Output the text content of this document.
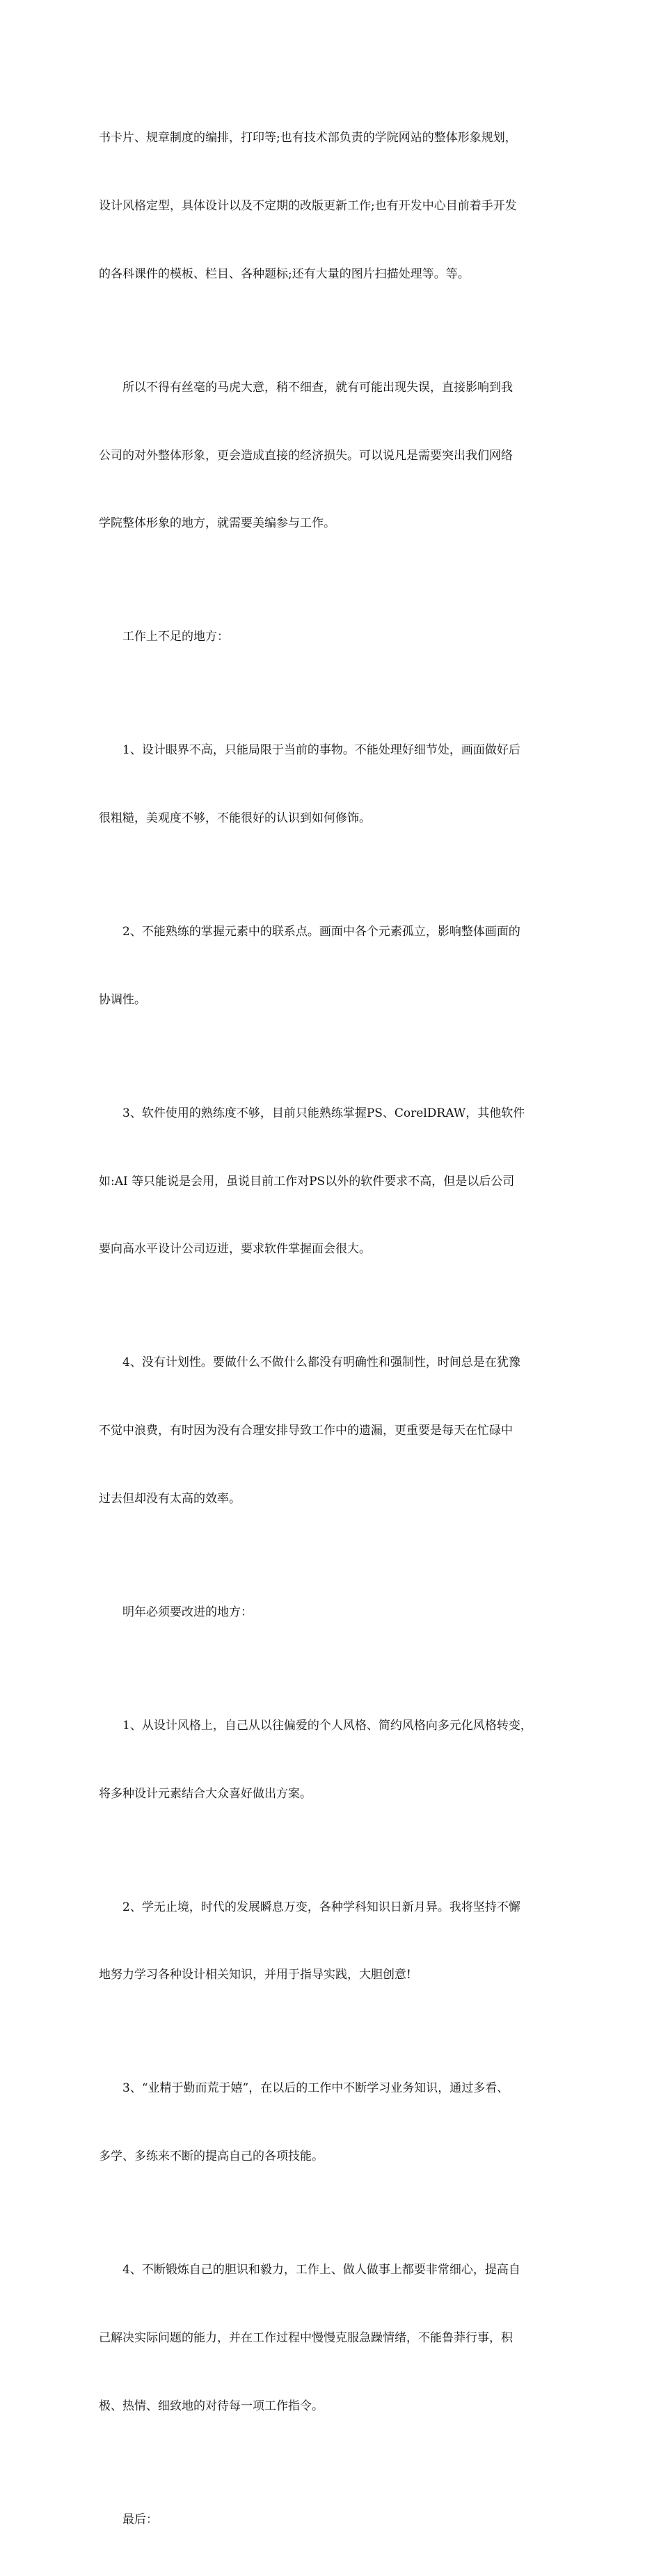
书卡片、规章制度的编排，打印等;也有技术部负责的学院网站的整体形象规划，

设计风格定型，具体设计以及不定期的改版更新工作;也有开发中心目前着手开发

的各科课件的模板、栏目、各种题标;还有大量的图片扫描处理等。等。

所以不得有丝毫的马虎大意，稍不细查，就有可能出现失误，直接影响到我

公司的对外整体形象，更会造成直接的经济损失。可以说凡是需要突出我们网络

学院整体形象的地方，就需要美编参与工作。

工作上不足的地方：

1、设计眼界不高，只能局限于当前的事物。不能处理好细节处，画面做好后

很粗糙，美观度不够，不能很好的认识到如何修饰。

2、不能熟练的掌握元素中的联系点。画面中各个元素孤立，影响整体画面的

协调性。

3、软件使用的熟练度不够，目前只能熟练掌握PS、CorelDRAW，其他软件

如:AI 等只能说是会用，虽说目前工作对PS以外的软件要求不高，但是以后公司

要向高水平设计公司迈进，要求软件掌握面会很大。

4、没有计划性。要做什么不做什么都没有明确性和强制性，时间总是在犹豫

不觉中浪费，有时因为没有合理安排导致工作中的遗漏，更重要是每天在忙碌中

过去但却没有太高的效率。

明年必须要改进的地方：

1、从设计风格上，自己从以往偏爱的个人风格、简约风格向多元化风格转变，

将多种设计元素结合大众喜好做出方案。

2、学无止境，时代的发展瞬息万变，各种学科知识日新月异。我将坚持不懈

地努力学习各种设计相关知识，并用于指导实践，大胆创意!

3、“业精于勤而荒于嬉”，在以后的工作中不断学习业务知识，通过多看、

多学、多练来不断的提高自己的各项技能。

4、不断锻炼自己的胆识和毅力，工作上、做人做事上都要非常细心，提高自

己解决实际问题的能力，并在工作过程中慢慢克服急躁情绪，不能鲁莽行事，积

极、热情、细致地的对待每一项工作指令。

最后：
